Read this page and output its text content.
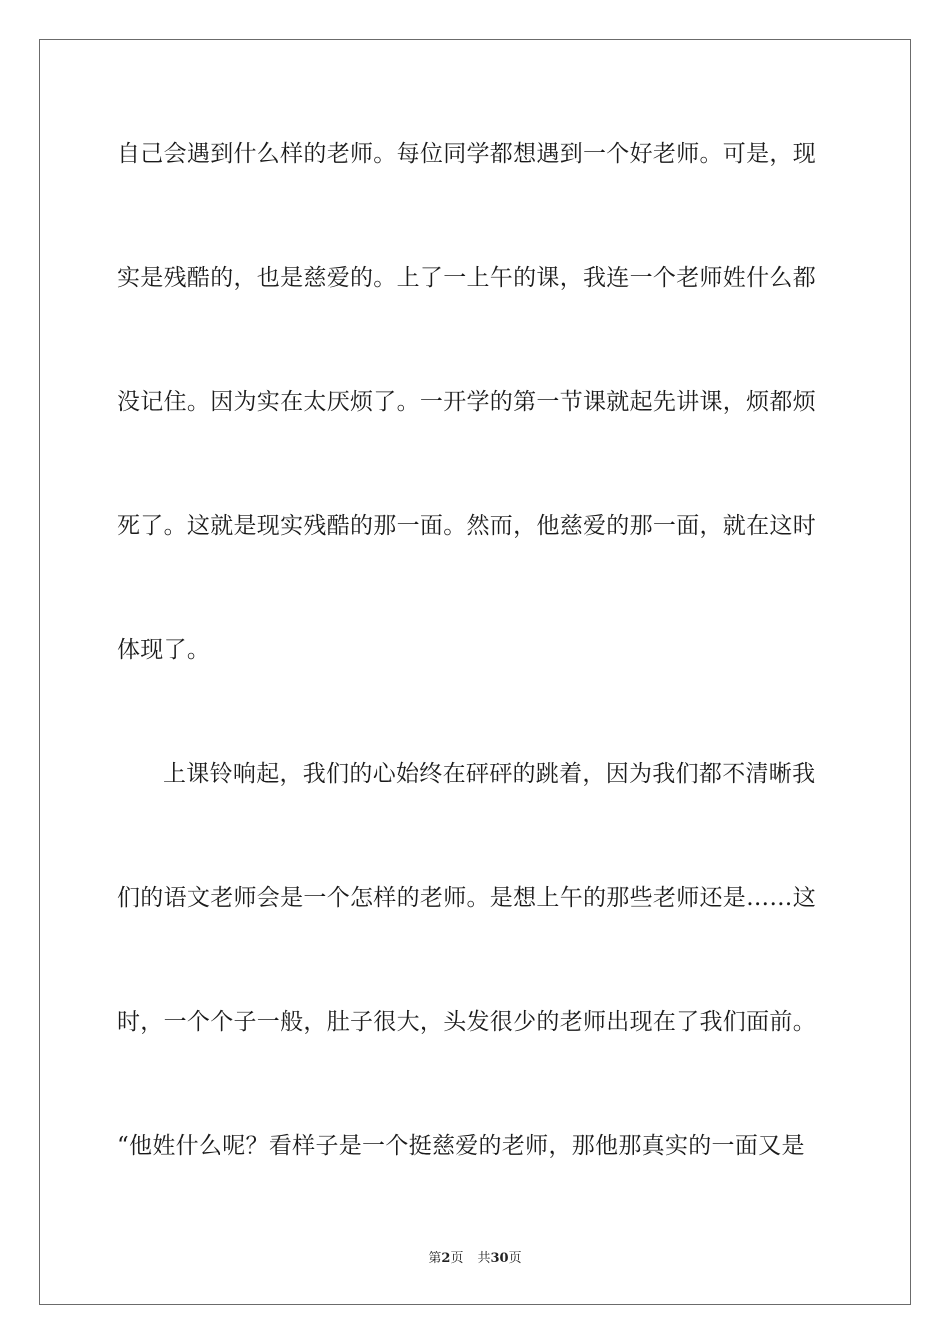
自己会遇到什么样的老师。每位同学都想遇到一个好老师。可是，现
实是残酷的，也是慈爱的。上了一上午的课，我连一个老师姓什么都
没记住。因为实在太厌烦了。一开学的第一节课就起先讲课，烦都烦
死了。这就是现实残酷的那一面。然而，他慈爱的那一面，就在这时
体现了。
上课铃响起，我们的心始终在砰砰的跳着，因为我们都不清晰我
们的语文老师会是一个怎样的老师。是想上午的那些老师还是……这
时，一个个子一般，肚子很大，头发很少的老师出现在了我们面前。
“他姓什么呢？看样子是一个挺慈爱的老师，那他那真实的一面又是
第2页 共30页
